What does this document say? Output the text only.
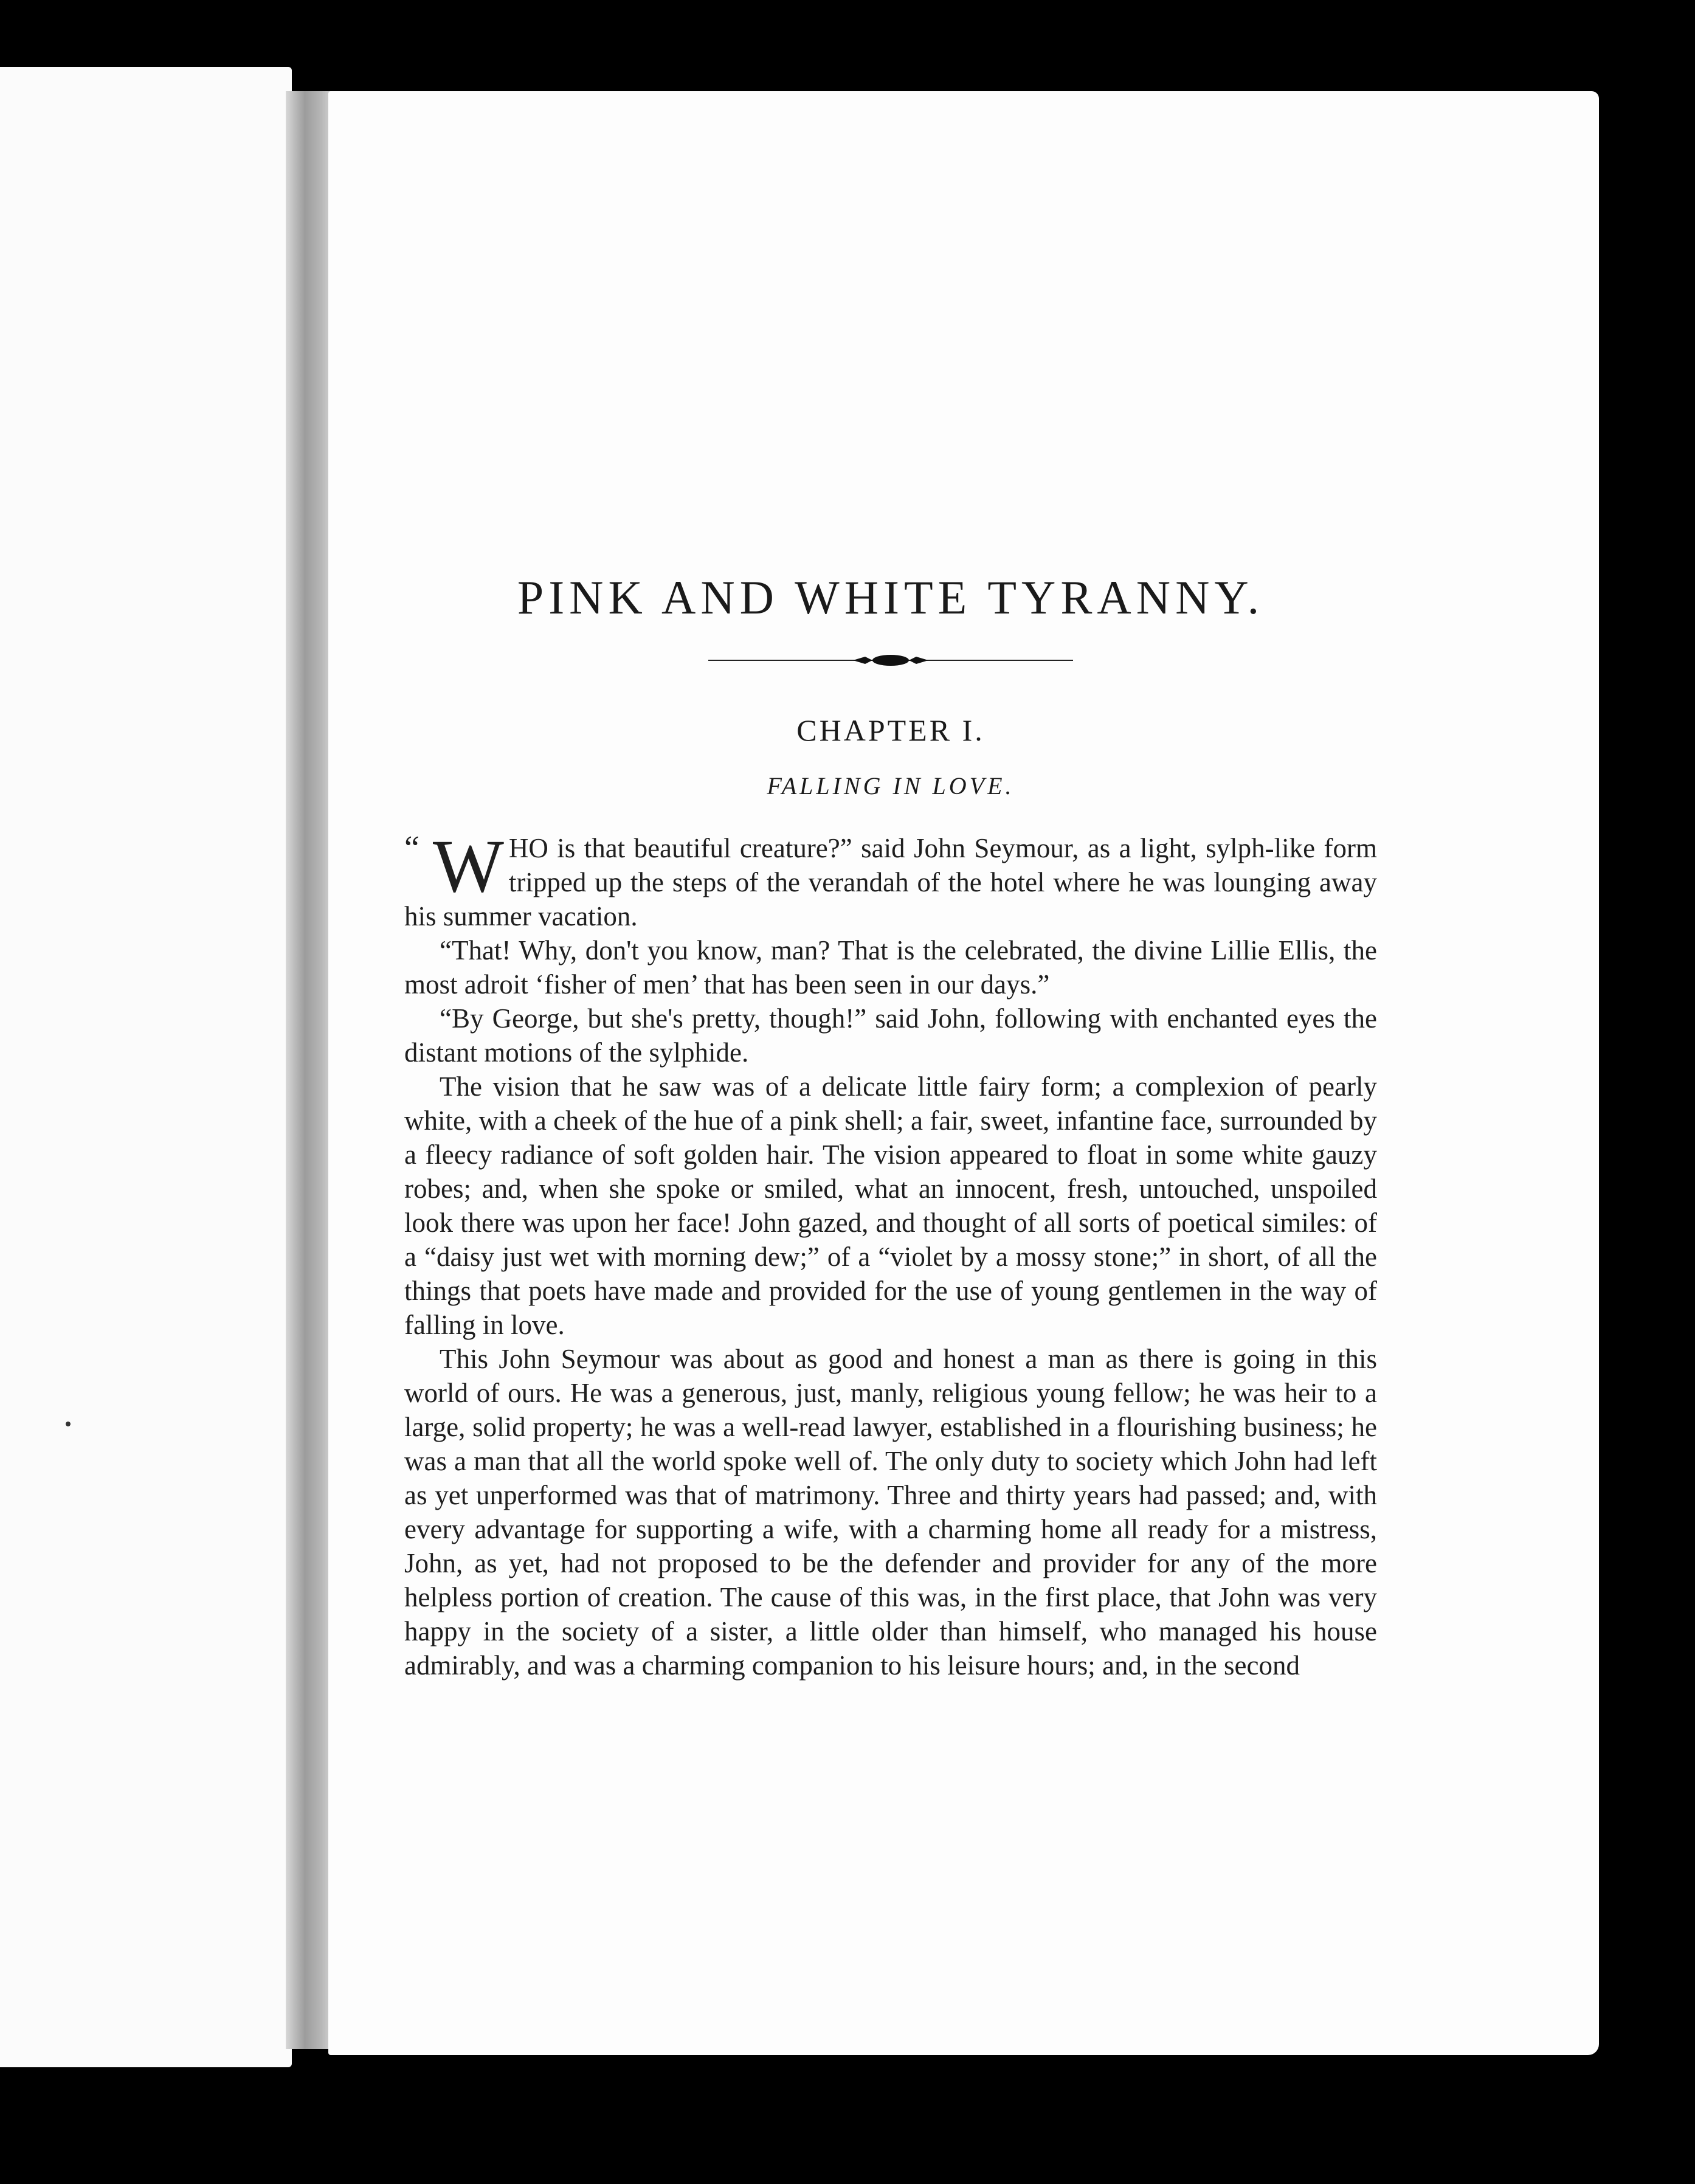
PINK AND WHITE TYRANNY.
CHAPTER I.
FALLING IN LOVE.

“ W HO is that beautiful creature?” said John Seymour, as a light, sylph-like form tripped up the steps of the verandah of the hotel where he was lounging away his summer vacation.

“That! Why, don't you know, man? That is the celebrated, the divine Lillie Ellis, the most adroit ‘fisher of men’ that has been seen in our days.”

“By George, but she's pretty, though!” said John, following with enchanted eyes the distant motions of the sylphide.

The vision that he saw was of a delicate little fairy form; a complexion of pearly white, with a cheek of the hue of a pink shell; a fair, sweet, infantine face, surrounded by a fleecy radiance of soft golden hair. The vision appeared to float in some white gauzy robes; and, when she spoke or smiled, what an innocent, fresh, untouched, unspoiled look there was upon her face! John gazed, and thought of all sorts of poetical similes: of a “daisy just wet with morning dew;” of a “violet by a mossy stone;” in short, of all the things that poets have made and provided for the use of young gentlemen in the way of falling in love.

This John Seymour was about as good and honest a man as there is going in this world of ours. He was a generous, just, manly, religious young fellow; he was heir to a large, solid property; he was a well-read lawyer, established in a flourishing business; he was a man that all the world spoke well of. The only duty to society which John had left as yet unperformed was that of matrimony. Three and thirty years had passed; and, with every advantage for supporting a wife, with a charming home all ready for a mistress, John, as yet, had not proposed to be the defender and provider for any of the more helpless portion of creation. The cause of this was, in the first place, that John was very happy in the society of a sister, a little older than himself, who managed his house admirably, and was a charming companion to his leisure hours; and, in the second
